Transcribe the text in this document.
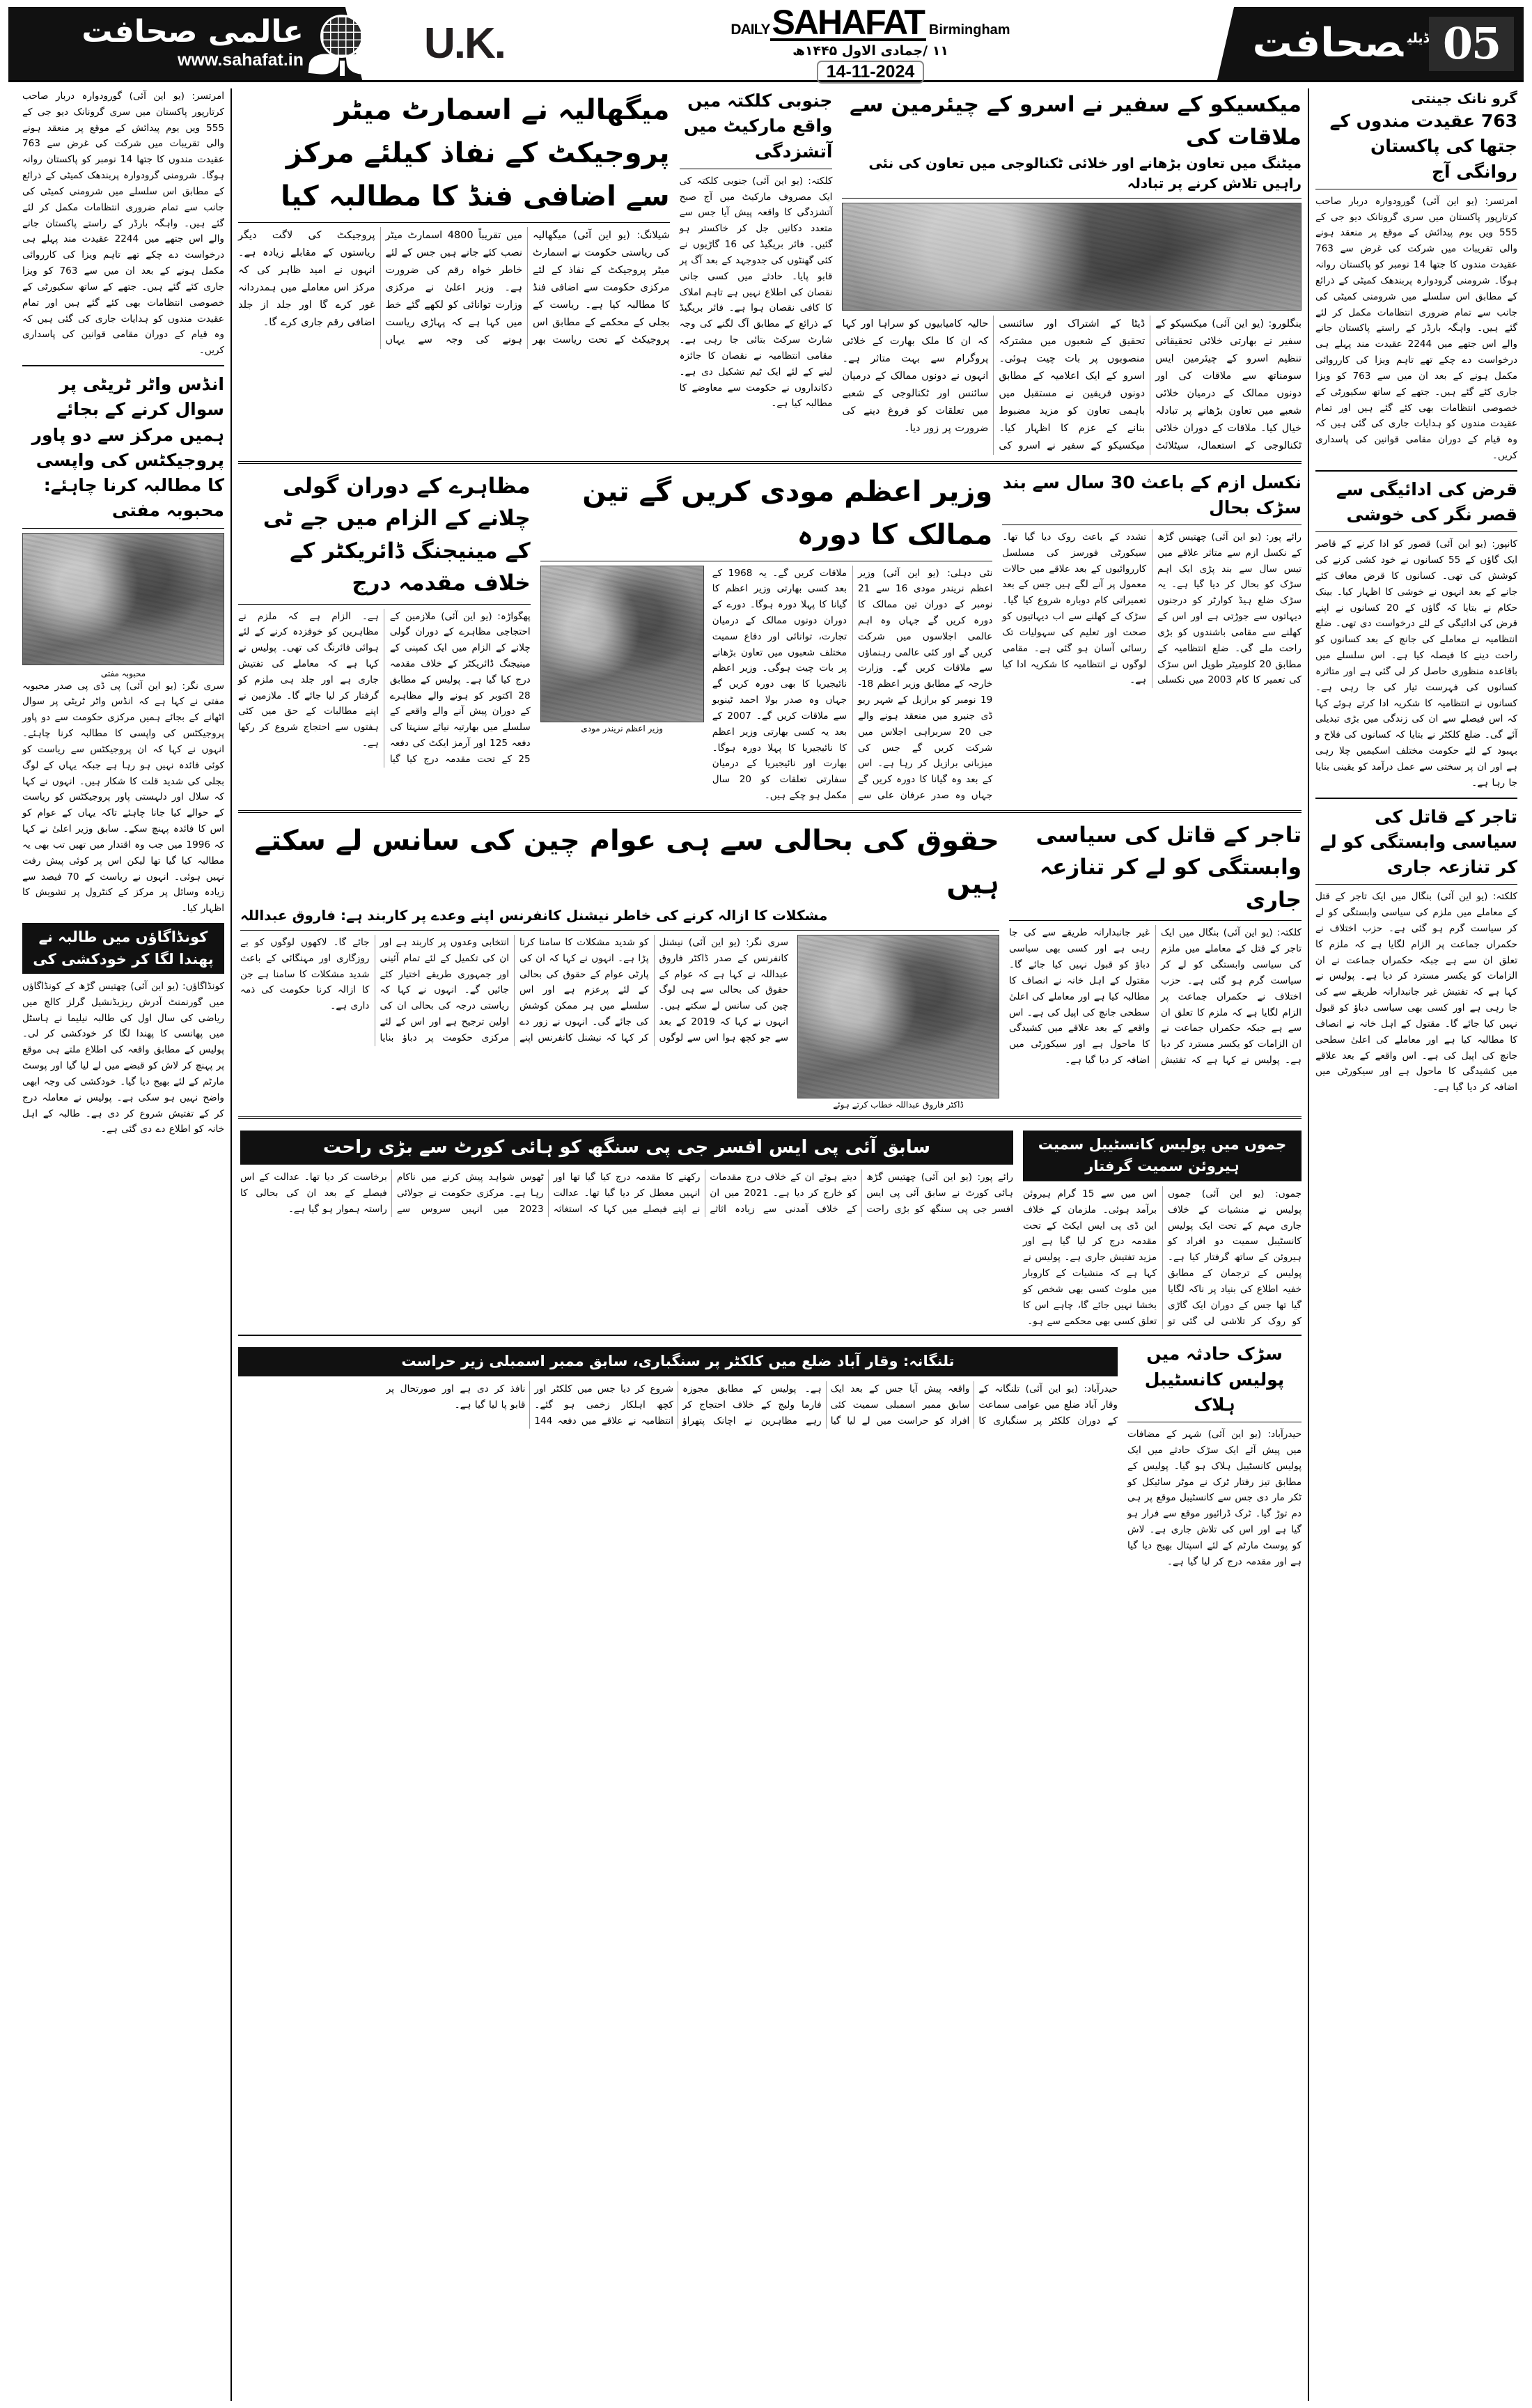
05
$^{ڈیلی}$صحافت
DAILY SAHAFAT Birmingham
۱۱ /جمادی الاول ۱۴۴۵ھ
14-11-2024
U.K.
عالمی صحافت
www.sahafat.in
گرو نانک جینتی
763 عقیدت مندوں کے جتھا کی پاکستان روانگی آج
امرتسر: (یو این آئی) گورودوارہ دربار صاحب کرتارپور پاکستان میں سری گرونانک دیو جی کے 555 ویں یوم پیدائش کے موقع پر منعقد ہونے والی تقریبات میں شرکت کی غرض سے 763 عقیدت مندوں کا جتھا 14 نومبر کو پاکستان روانہ ہوگا۔ شرومنی گرودوارہ پربندھک کمیٹی کے ذرائع کے مطابق اس سلسلے میں شرومنی کمیٹی کی جانب سے تمام ضروری انتظامات مکمل کر لئے گئے ہیں۔ واہگہ بارڈر کے راستے پاکستان جانے والے اس جتھے میں 2244 عقیدت مند پہلے ہی درخواست دے چکے تھے تاہم ویزا کی کارروائی مکمل ہونے کے بعد ان میں سے 763 کو ویزا جاری کئے گئے ہیں۔ جتھے کے ساتھ سکیورٹی کے خصوصی انتظامات بھی کئے گئے ہیں اور تمام عقیدت مندوں کو ہدایات جاری کی گئی ہیں کہ وہ قیام کے دوران مقامی قوانین کی پاسداری کریں۔
قرض کی ادائیگی سے قصر نگر کی خوشی
کانپور: (یو این آئی) قصور کو ادا کرنے کے قاصر ایک گاؤں کے 55 کسانوں نے خود کشی کرنے کی کوشش کی تھی۔ کسانوں کا قرض معاف کئے جانے کے بعد انہوں نے خوشی کا اظہار کیا۔ بینک حکام نے بتایا کہ گاؤں کے 20 کسانوں نے اپنے قرض کی ادائیگی کے لئے درخواست دی تھی۔ ضلع انتظامیہ نے معاملے کی جانچ کے بعد کسانوں کو راحت دینے کا فیصلہ کیا ہے۔ اس سلسلے میں باقاعدہ منظوری حاصل کر لی گئی ہے اور متاثرہ کسانوں کی فہرست تیار کی جا رہی ہے۔ کسانوں نے انتظامیہ کا شکریہ ادا کرتے ہوئے کہا کہ اس فیصلے سے ان کی زندگی میں بڑی تبدیلی آئے گی۔ ضلع کلکٹر نے بتایا کہ کسانوں کی فلاح و بہبود کے لئے حکومت مختلف اسکیمیں چلا رہی ہے اور ان پر سختی سے عمل درآمد کو یقینی بنایا جا رہا ہے۔
تاجر کے قاتل کی سیاسی وابستگی کو لے کر تنازعہ جاری
کلکتہ: (یو این آئی) بنگال میں ایک تاجر کے قتل کے معاملے میں ملزم کی سیاسی وابستگی کو لے کر سیاست گرم ہو گئی ہے۔ حزب اختلاف نے حکمراں جماعت پر الزام لگایا ہے کہ ملزم کا تعلق ان سے ہے جبکہ حکمراں جماعت نے ان الزامات کو یکسر مسترد کر دیا ہے۔ پولیس نے کہا ہے کہ تفتیش غیر جانبدارانہ طریقے سے کی جا رہی ہے اور کسی بھی سیاسی دباؤ کو قبول نہیں کیا جائے گا۔ مقتول کے اہل خانہ نے انصاف کا مطالبہ کیا ہے اور معاملے کی اعلیٰ سطحی جانچ کی اپیل کی ہے۔ اس واقعے کے بعد علاقے میں کشیدگی کا ماحول ہے اور سیکورٹی میں اضافہ کر دیا گیا ہے۔
میکسیکو کے سفیر نے اسرو کے چیئرمین سے ملاقات کی
میٹنگ میں تعاون بڑھانے اور خلائی ٹکنالوجی میں تعاون کی نئی راہیں تلاش کرنے پر تبادلہ
بنگلورو: (یو این آئی) میکسیکو کے سفیر نے بھارتی خلائی تحقیقاتی تنظیم اسرو کے چیئرمین ایس سومناتھ سے ملاقات کی اور دونوں ممالک کے درمیان خلائی شعبے میں تعاون بڑھانے پر تبادلہ خیال کیا۔ ملاقات کے دوران خلائی ٹکنالوجی کے استعمال، سیٹلائٹ ڈیٹا کے اشتراک اور سائنسی تحقیق کے شعبوں میں مشترکہ منصوبوں پر بات چیت ہوئی۔ اسرو کے ایک اعلامیہ کے مطابق دونوں فریقین نے مستقبل میں باہمی تعاون کو مزید مضبوط بنانے کے عزم کا اظہار کیا۔ میکسیکو کے سفیر نے اسرو کی حالیہ کامیابیوں کو سراہا اور کہا کہ ان کا ملک بھارت کے خلائی پروگرام سے بہت متاثر ہے۔ انہوں نے دونوں ممالک کے درمیان سائنس اور ٹکنالوجی کے شعبے میں تعلقات کو فروغ دینے کی ضرورت پر زور دیا۔
جنوبی کلکتہ میں واقع مارکیٹ میں آتشزدگی
کلکتہ: (یو این آئی) جنوبی کلکتہ کی ایک مصروف مارکیٹ میں آج صبح آتشزدگی کا واقعہ پیش آیا جس سے متعدد دکانیں جل کر خاکستر ہو گئیں۔ فائر بریگیڈ کی 16 گاڑیوں نے کئی گھنٹوں کی جدوجہد کے بعد آگ پر قابو پایا۔ حادثے میں کسی جانی نقصان کی اطلاع نہیں ہے تاہم املاک کا کافی نقصان ہوا ہے۔ فائر بریگیڈ کے ذرائع کے مطابق آگ لگنے کی وجہ شارٹ سرکٹ بتائی جا رہی ہے۔ مقامی انتظامیہ نے نقصان کا جائزہ لینے کے لئے ایک ٹیم تشکیل دی ہے۔ دکانداروں نے حکومت سے معاوضے کا مطالبہ کیا ہے۔
میگھالیہ نے اسمارٹ میٹر پروجیکٹ کے نفاذ کیلئے مرکز سے اضافی فنڈ کا مطالبہ کیا
شیلانگ: (یو این آئی) میگھالیہ کی ریاستی حکومت نے اسمارٹ میٹر پروجیکٹ کے نفاذ کے لئے مرکزی حکومت سے اضافی فنڈ کا مطالبہ کیا ہے۔ ریاست کے بجلی کے محکمے کے مطابق اس پروجیکٹ کے تحت ریاست بھر میں تقریباً 4800 اسمارٹ میٹر نصب کئے جانے ہیں جس کے لئے خاطر خواہ رقم کی ضرورت ہے۔ وزیر اعلیٰ نے مرکزی وزارت توانائی کو لکھے گئے خط میں کہا ہے کہ پہاڑی ریاست ہونے کی وجہ سے یہاں پروجیکٹ کی لاگت دیگر ریاستوں کے مقابلے زیادہ ہے۔ انہوں نے امید ظاہر کی کہ مرکز اس معاملے میں ہمدردانہ غور کرے گا اور جلد از جلد اضافی رقم جاری کرے گا۔
نکسل ازم کے باعث 30 سال سے بند سڑک بحال
رائے پور: (یو این آئی) چھتیس گڑھ کے نکسل ازم سے متاثر علاقے میں تیس سال سے بند پڑی ایک اہم سڑک کو بحال کر دیا گیا ہے۔ یہ سڑک ضلع ہیڈ کوارٹر کو درجنوں دیہاتوں سے جوڑتی ہے اور اس کے کھلنے سے مقامی باشندوں کو بڑی راحت ملے گی۔ ضلع انتظامیہ کے مطابق 20 کلومیٹر طویل اس سڑک کی تعمیر کا کام 2003 میں نکسلی تشدد کے باعث روک دیا گیا تھا۔ سیکورٹی فورسز کی مسلسل کارروائیوں کے بعد علاقے میں حالات معمول پر آنے لگے ہیں جس کے بعد تعمیراتی کام دوبارہ شروع کیا گیا۔ سڑک کے کھلنے سے اب دیہاتیوں کو صحت اور تعلیم کی سہولیات تک رسائی آسان ہو گئی ہے۔ مقامی لوگوں نے انتظامیہ کا شکریہ ادا کیا ہے۔
وزیر اعظم مودی کریں گے تین ممالک کا دورہ
نئی دہلی: (یو این آئی) وزیر اعظم نریندر مودی 16 سے 21 نومبر کے دوران تین ممالک کا دورہ کریں گے جہاں وہ اہم عالمی اجلاسوں میں شرکت کریں گے اور کئی عالمی رہنماؤں سے ملاقات کریں گے۔ وزارت خارجہ کے مطابق وزیر اعظم 18-19 نومبر کو برازیل کے شہر ریو ڈی جنیرو میں منعقد ہونے والے جی 20 سربراہی اجلاس میں شرکت کریں گے جس کی میزبانی برازیل کر رہا ہے۔ اس کے بعد وہ گیانا کا دورہ کریں گے جہاں وہ صدر عرفان علی سے ملاقات کریں گے۔ یہ 1968 کے بعد کسی بھارتی وزیر اعظم کا گیانا کا پہلا دورہ ہوگا۔ دورے کے دوران دونوں ممالک کے درمیان تجارت، توانائی اور دفاع سمیت مختلف شعبوں میں تعاون بڑھانے پر بات چیت ہوگی۔ وزیر اعظم نائیجیریا کا بھی دورہ کریں گے جہاں وہ صدر بولا احمد ٹینوبو سے ملاقات کریں گے۔ 2007 کے بعد یہ کسی بھارتی وزیر اعظم کا نائیجیریا کا پہلا دورہ ہوگا۔ بھارت اور نائیجیریا کے درمیان سفارتی تعلقات کو 20 سال مکمل ہو چکے ہیں۔
وزیر اعظم نریندر مودی
مظاہرے کے دوران گولی چلانے کے الزام میں جے ٹی کے مینیجنگ ڈائریکٹر کے خلاف مقدمہ درج
پھگواڑہ: (یو این آئی) ملازمین کے احتجاجی مظاہرے کے دوران گولی چلانے کے الزام میں ایک کمپنی کے مینیجنگ ڈائریکٹر کے خلاف مقدمہ درج کیا گیا ہے۔ پولیس کے مطابق 28 اکتوبر کو ہونے والے مظاہرے کے دوران پیش آنے والے واقعے کے سلسلے میں بھارتیہ نیائے سنہتا کی دفعہ 125 اور آرمز ایکٹ کی دفعہ 25 کے تحت مقدمہ درج کیا گیا ہے۔ الزام ہے کہ ملزم نے مظاہرین کو خوفزدہ کرنے کے لئے ہوائی فائرنگ کی تھی۔ پولیس نے کہا ہے کہ معاملے کی تفتیش جاری ہے اور جلد ہی ملزم کو گرفتار کر لیا جائے گا۔ ملازمین نے اپنے مطالبات کے حق میں کئی ہفتوں سے احتجاج شروع کر رکھا ہے۔
تاجر کے قاتل کی سیاسی وابستگی کو لے کر تنازعہ جاری
کلکتہ: (یو این آئی) بنگال میں ایک تاجر کے قتل کے معاملے میں ملزم کی سیاسی وابستگی کو لے کر سیاست گرم ہو گئی ہے۔ حزب اختلاف نے حکمراں جماعت پر الزام لگایا ہے کہ ملزم کا تعلق ان سے ہے جبکہ حکمراں جماعت نے ان الزامات کو یکسر مسترد کر دیا ہے۔ پولیس نے کہا ہے کہ تفتیش غیر جانبدارانہ طریقے سے کی جا رہی ہے اور کسی بھی سیاسی دباؤ کو قبول نہیں کیا جائے گا۔ مقتول کے اہل خانہ نے انصاف کا مطالبہ کیا ہے اور معاملے کی اعلیٰ سطحی جانچ کی اپیل کی ہے۔ اس واقعے کے بعد علاقے میں کشیدگی کا ماحول ہے اور سیکورٹی میں اضافہ کر دیا گیا ہے۔
حقوق کی بحالی سے ہی عوام چین کی سانس لے سکتے ہیں
مشکلات کا ازالہ کرنے کی خاطر نیشنل کانفرنس اپنے وعدے پر کاربند ہے: فاروق عبداللہ
ڈاکٹر فاروق عبداللہ خطاب کرتے ہوئے
سری نگر: (یو این آئی) نیشنل کانفرنس کے صدر ڈاکٹر فاروق عبداللہ نے کہا ہے کہ عوام کے حقوق کی بحالی سے ہی لوگ چین کی سانس لے سکتے ہیں۔ انہوں نے کہا کہ 2019 کے بعد سے جو کچھ ہوا اس سے لوگوں کو شدید مشکلات کا سامنا کرنا پڑا ہے۔ انہوں نے کہا کہ ان کی پارٹی عوام کے حقوق کی بحالی کے لئے پرعزم ہے اور اس سلسلے میں ہر ممکن کوشش کی جائے گی۔ انہوں نے زور دے کر کہا کہ نیشنل کانفرنس اپنے انتخابی وعدوں پر کاربند ہے اور ان کی تکمیل کے لئے تمام آئینی اور جمہوری طریقے اختیار کئے جائیں گے۔ انہوں نے کہا کہ ریاستی درجہ کی بحالی ان کی اولین ترجیح ہے اور اس کے لئے مرکزی حکومت پر دباؤ بنایا جائے گا۔ لاکھوں لوگوں کو بے روزگاری اور مہنگائی کے باعث شدید مشکلات کا سامنا ہے جن کا ازالہ کرنا حکومت کی ذمہ داری ہے۔
جموں میں پولیس کانسٹیبل سمیت ہیروئن سمیت گرفتار
جموں: (یو این آئی) جموں پولیس نے منشیات کے خلاف جاری مہم کے تحت ایک پولیس کانسٹیبل سمیت دو افراد کو ہیروئن کے ساتھ گرفتار کیا ہے۔ پولیس کے ترجمان کے مطابق خفیہ اطلاع کی بنیاد پر ناکہ لگایا گیا تھا جس کے دوران ایک گاڑی کو روک کر تلاشی لی گئی تو اس میں سے 15 گرام ہیروئن برآمد ہوئی۔ ملزمان کے خلاف این ڈی پی ایس ایکٹ کے تحت مقدمہ درج کر لیا گیا ہے اور مزید تفتیش جاری ہے۔ پولیس نے کہا ہے کہ منشیات کے کاروبار میں ملوث کسی بھی شخص کو بخشا نہیں جائے گا، چاہے اس کا تعلق کسی بھی محکمے سے ہو۔
سابق آئی پی ایس افسر جی پی سنگھ کو ہائی کورٹ سے بڑی راحت
رائے پور: (یو این آئی) چھتیس گڑھ ہائی کورٹ نے سابق آئی پی ایس افسر جی پی سنگھ کو بڑی راحت دیتے ہوئے ان کے خلاف درج مقدمات کو خارج کر دیا ہے۔ 2021 میں ان کے خلاف آمدنی سے زیادہ اثاثے رکھنے کا مقدمہ درج کیا گیا تھا اور انہیں معطل کر دیا گیا تھا۔ عدالت نے اپنے فیصلے میں کہا کہ استغاثہ ٹھوس شواہد پیش کرنے میں ناکام رہا ہے۔ مرکزی حکومت نے جولائی 2023 میں انہیں سروس سے برخاست کر دیا تھا۔ عدالت کے اس فیصلے کے بعد ان کی بحالی کا راستہ ہموار ہو گیا ہے۔
سڑک حادثہ میں پولیس کانسٹیبل ہلاک
حیدرآباد: (یو این آئی) شہر کے مضافات میں پیش آئے ایک سڑک حادثے میں ایک پولیس کانسٹیبل ہلاک ہو گیا۔ پولیس کے مطابق تیز رفتار ٹرک نے موٹر سائیکل کو ٹکر مار دی جس سے کانسٹیبل موقع پر ہی دم توڑ گیا۔ ٹرک ڈرائیور موقع سے فرار ہو گیا ہے اور اس کی تلاش جاری ہے۔ لاش کو پوسٹ مارٹم کے لئے اسپتال بھیج دیا گیا ہے اور مقدمہ درج کر لیا گیا ہے۔
تلنگانہ: وقار آباد ضلع میں کلکٹر پر سنگباری، سابق ممبر اسمبلی زیر حراست
حیدرآباد: (یو این آئی) تلنگانہ کے وقار آباد ضلع میں عوامی سماعت کے دوران کلکٹر پر سنگباری کا واقعہ پیش آیا جس کے بعد ایک سابق ممبر اسمبلی سمیت کئی افراد کو حراست میں لے لیا گیا ہے۔ پولیس کے مطابق مجوزہ فارما ولیج کے خلاف احتجاج کر رہے مظاہرین نے اچانک پتھراؤ شروع کر دیا جس میں کلکٹر اور کچھ اہلکار زخمی ہو گئے۔ انتظامیہ نے علاقے میں دفعہ 144 نافذ کر دی ہے اور صورتحال پر قابو پا لیا گیا ہے۔
امرتسر: (یو این آئی) گورودوارہ دربار صاحب کرتارپور پاکستان میں سری گرونانک دیو جی کے 555 ویں یوم پیدائش کے موقع پر منعقد ہونے والی تقریبات میں شرکت کی غرض سے 763 عقیدت مندوں کا جتھا 14 نومبر کو پاکستان روانہ ہوگا۔ شرومنی گرودوارہ پربندھک کمیٹی کے ذرائع کے مطابق اس سلسلے میں شرومنی کمیٹی کی جانب سے تمام ضروری انتظامات مکمل کر لئے گئے ہیں۔ واہگہ بارڈر کے راستے پاکستان جانے والے اس جتھے میں 2244 عقیدت مند پہلے ہی درخواست دے چکے تھے تاہم ویزا کی کارروائی مکمل ہونے کے بعد ان میں سے 763 کو ویزا جاری کئے گئے ہیں۔ جتھے کے ساتھ سکیورٹی کے خصوصی انتظامات بھی کئے گئے ہیں اور تمام عقیدت مندوں کو ہدایات جاری کی گئی ہیں کہ وہ قیام کے دوران مقامی قوانین کی پاسداری کریں۔
انڈس واٹر ٹریٹی پر سوال کرنے کے بجائے ہمیں مرکز سے دو پاور پروجیکٹس کی واپسی کا مطالبہ کرنا چاہئے: محبوبہ مفتی
محبوبہ مفتی
سری نگر: (یو این آئی) پی ڈی پی صدر محبوبہ مفتی نے کہا ہے کہ انڈس واٹر ٹریٹی پر سوال اٹھانے کے بجائے ہمیں مرکزی حکومت سے دو پاور پروجیکٹس کی واپسی کا مطالبہ کرنا چاہئے۔ انہوں نے کہا کہ ان پروجیکٹس سے ریاست کو کوئی فائدہ نہیں ہو رہا ہے جبکہ یہاں کے لوگ بجلی کی شدید قلت کا شکار ہیں۔ انہوں نے کہا کہ سلال اور دلہستی پاور پروجیکٹس کو ریاست کے حوالے کیا جانا چاہئے تاکہ یہاں کے عوام کو اس کا فائدہ پہنچ سکے۔ سابق وزیر اعلیٰ نے کہا کہ 1996 میں جب وہ اقتدار میں تھیں تب بھی یہ مطالبہ کیا گیا تھا لیکن اس پر کوئی پیش رفت نہیں ہوئی۔ انہوں نے ریاست کے 70 فیصد سے زیادہ وسائل پر مرکز کے کنٹرول پر تشویش کا اظہار کیا۔
کونڈاگاؤں میں طالبہ نے پھندا لگا کر خودکشی کی
کونڈاگاؤں: (یو این آئی) چھتیس گڑھ کے کونڈاگاؤں میں گورنمنٹ آدرش ریزیڈنشیل گرلز کالج میں ریاضی کی سال اول کی طالبہ نیلیما نے ہاسٹل میں پھانسی کا پھندا لگا کر خودکشی کر لی۔ پولیس کے مطابق واقعہ کی اطلاع ملتے ہی موقع پر پہنچ کر لاش کو قبضے میں لے لیا گیا اور پوسٹ مارٹم کے لئے بھیج دیا گیا۔ خودکشی کی وجہ ابھی واضح نہیں ہو سکی ہے۔ پولیس نے معاملہ درج کر کے تفتیش شروع کر دی ہے۔ طالبہ کے اہل خانہ کو اطلاع دے دی گئی ہے۔
